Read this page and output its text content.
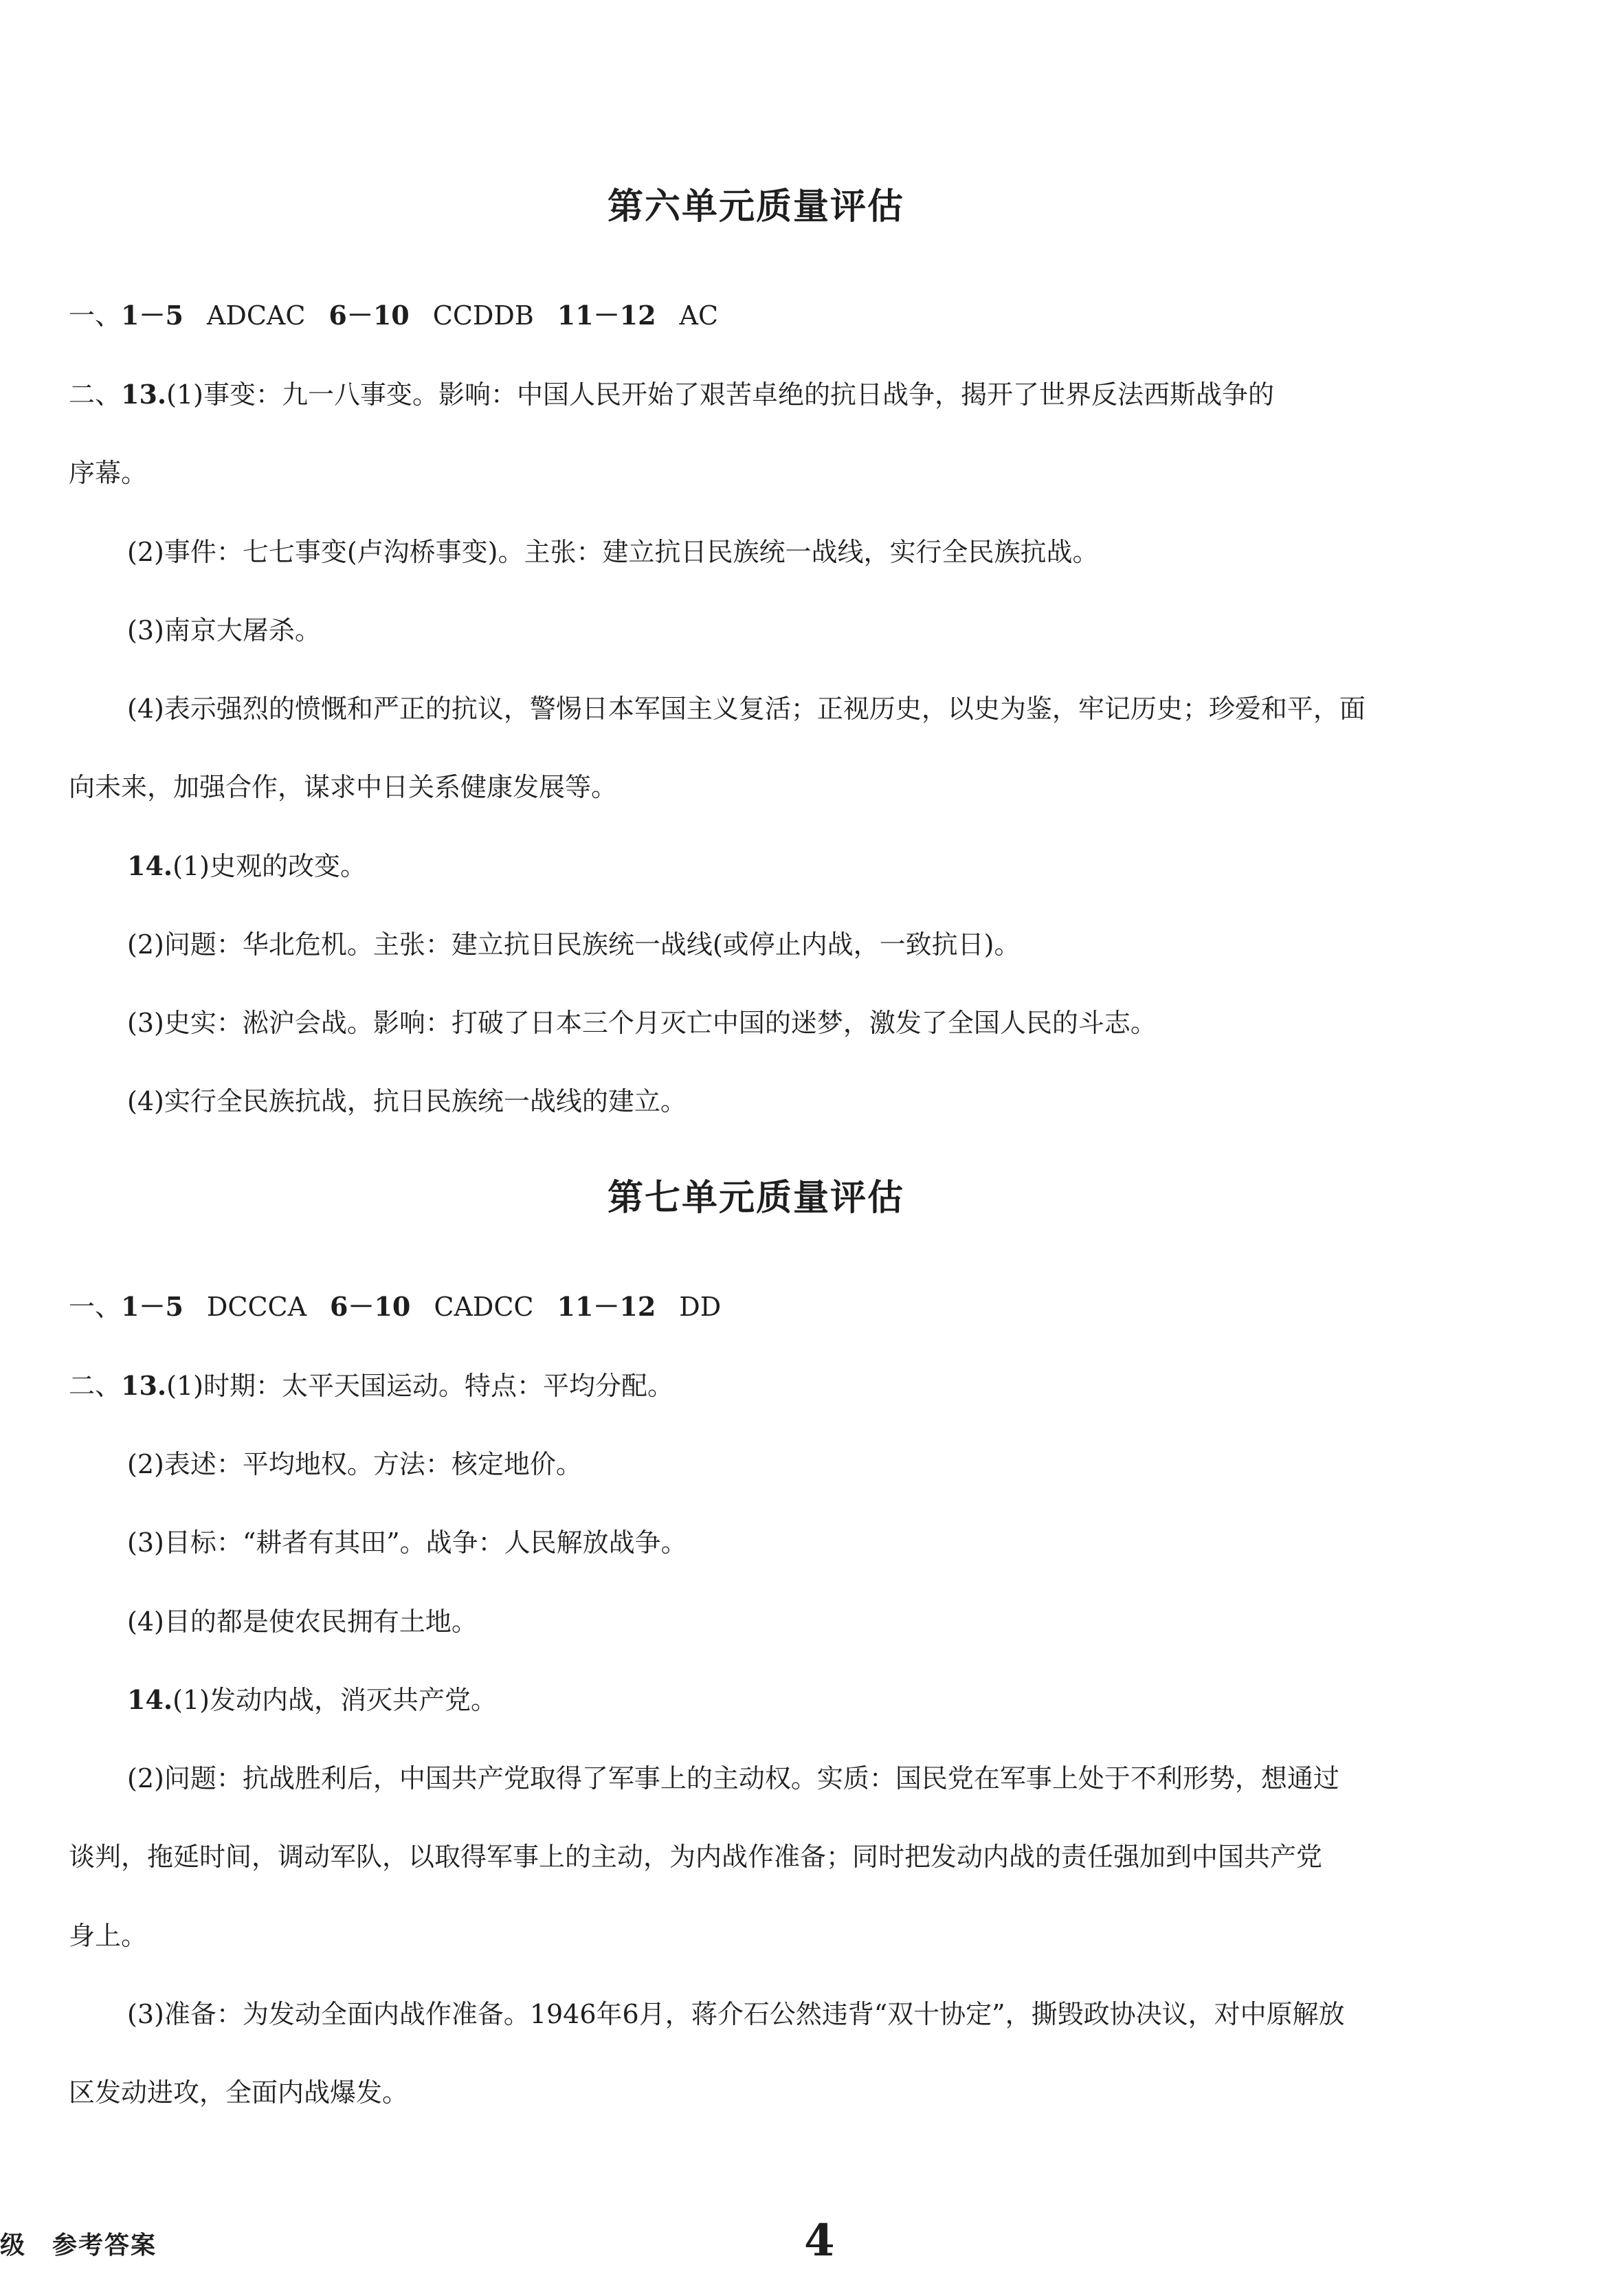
第六单元质量评估

一、1－5 ADCAC 6－10 CCDDB 11－12 AC

二、13.(1)事变：九一八事变。影响：中国人民开始了艰苦卓绝的抗日战争，揭开了世界反法西斯战争的

序幕。

(2)事件：七七事变(卢沟桥事变)。主张：建立抗日民族统一战线，实行全民族抗战。

(3)南京大屠杀。

(4)表示强烈的愤慨和严正的抗议，警惕日本军国主义复活；正视历史，以史为鉴，牢记历史；珍爱和平，面

向未来，加强合作，谋求中日关系健康发展等。

14.(1)史观的改变。

(2)问题：华北危机。主张：建立抗日民族统一战线(或停止内战，一致抗日)。

(3)史实：淞沪会战。影响：打破了日本三个月灭亡中国的迷梦，激发了全国人民的斗志。

(4)实行全民族抗战，抗日民族统一战线的建立。

第七单元质量评估

一、1－5 DCCCA 6－10 CADCC 11－12 DD

二、13.(1)时期：太平天国运动。特点：平均分配。

(2)表述：平均地权。方法：核定地价。

(3)目标：“耕者有其田”。战争：人民解放战争。

(4)目的都是使农民拥有土地。

14.(1)发动内战，消灭共产党。

(2)问题：抗战胜利后，中国共产党取得了军事上的主动权。实质：国民党在军事上处于不利形势，想通过

谈判，拖延时间，调动军队，以取得军事上的主动，为内战作准备；同时把发动内战的责任强加到中国共产党

身上。

(3)准备：为发动全面内战作准备。1946年6月，蒋介石公然违背“双十协定”，撕毁政协决议，对中原解放

区发动进攻，全面内战爆发。

级　参考答案	4
